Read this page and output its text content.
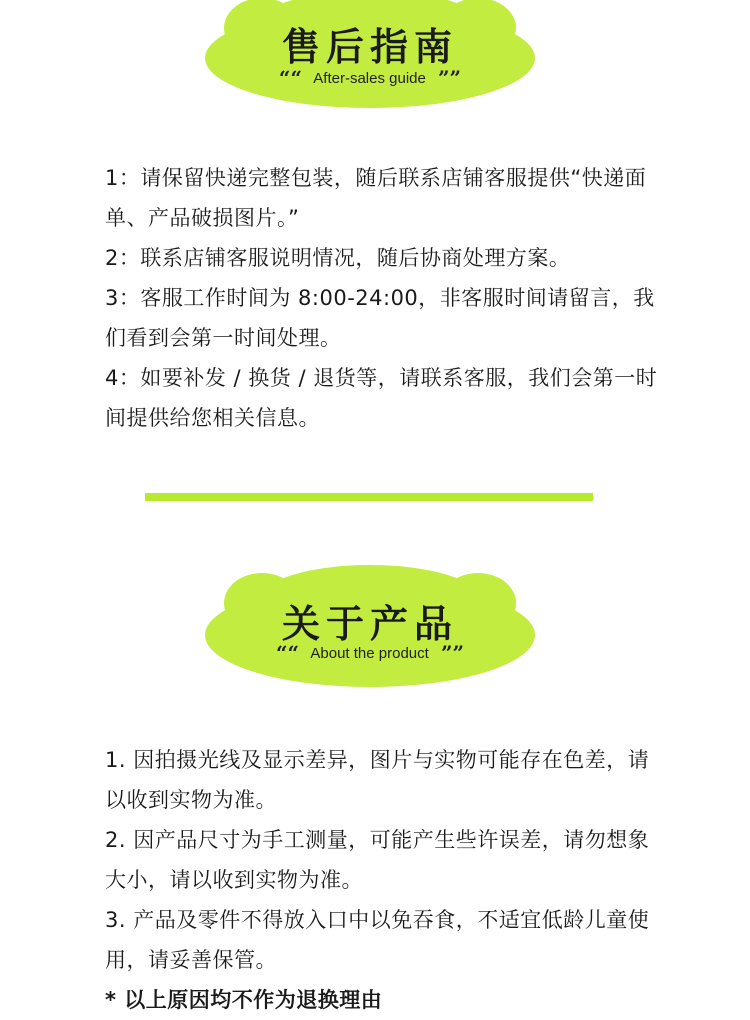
售后指南
““ After-sales guide ””

1：请保留快递完整包装，随后联系店铺客服提供“快递面单、产品破损图片。”

2：联系店铺客服说明情况，随后协商处理方案。

3：客服工作时间为 8:00-24:00，非客服时间请留言，我们看到会第一时间处理。

4：如要补发 / 换货 / 退货等，请联系客服，我们会第一时间提供给您相关信息。

关于产品
““ About the product ””

1. 因拍摄光线及显示差异，图片与实物可能存在色差，请以收到实物为准。

2. 因产品尺寸为手工测量，可能产生些许误差，请勿想象大小，请以收到实物为准。

3. 产品及零件不得放入口中以免吞食，不适宜低龄儿童使用，请妥善保管。

* 以上原因均不作为退换理由
